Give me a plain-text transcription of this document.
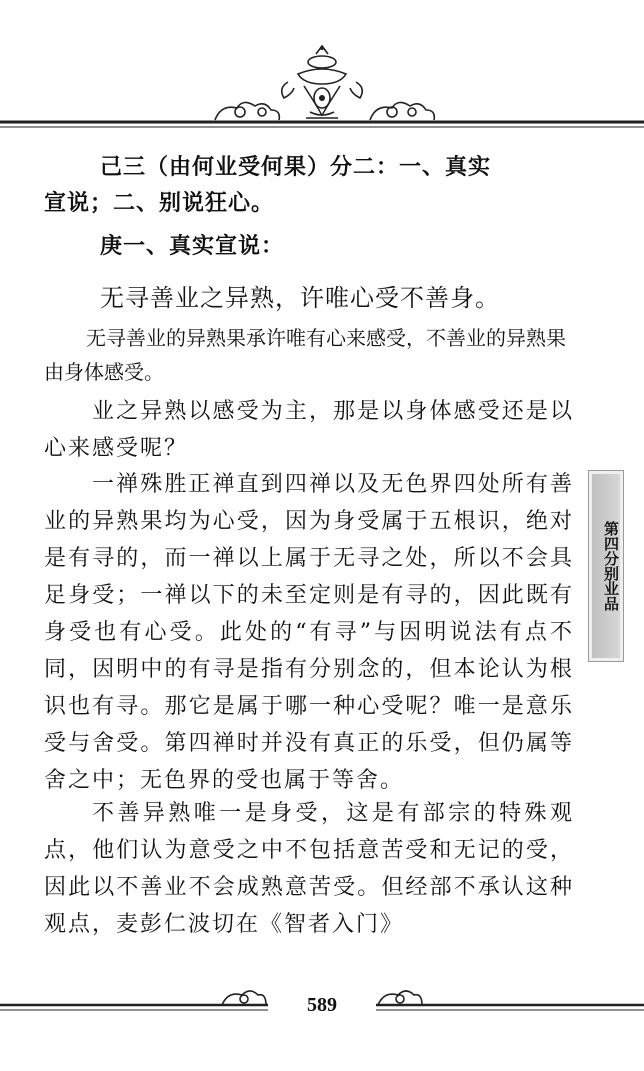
己三（由何业受何果）分二：一、真实
宣说；二、别说狂心。
庚一、真实宣说：
无寻善业之异熟，许唯心受不善身。
无寻善业的异熟果承许唯有心来感受，不善业的异熟果由身体感受。
业之异熟以感受为主，那是以身体感受还是以心来感受呢？
一禅殊胜正禅直到四禅以及无色界四处所有善业的异熟果均为心受，因为身受属于五根识，绝对是有寻的，而一禅以上属于无寻之处，所以不会具足身受；一禅以下的未至定则是有寻的，因此既有身受也有心受。此处的“有寻”与因明说法有点不同，因明中的有寻是指有分别念的，但本论认为根识也有寻。那它是属于哪一种心受呢？唯一是意乐受与舍受。第四禅时并没有真正的乐受，但仍属等舍之中；无色界的受也属于等舍。
不善异熟唯一是身受，这是有部宗的特殊观点，他们认为意受之中不包括意苦受和无记的受，因此以不善业不会成熟意苦受。但经部不承认这种观点，麦彭仁波切在《智者入门》
第四分别业品
589
